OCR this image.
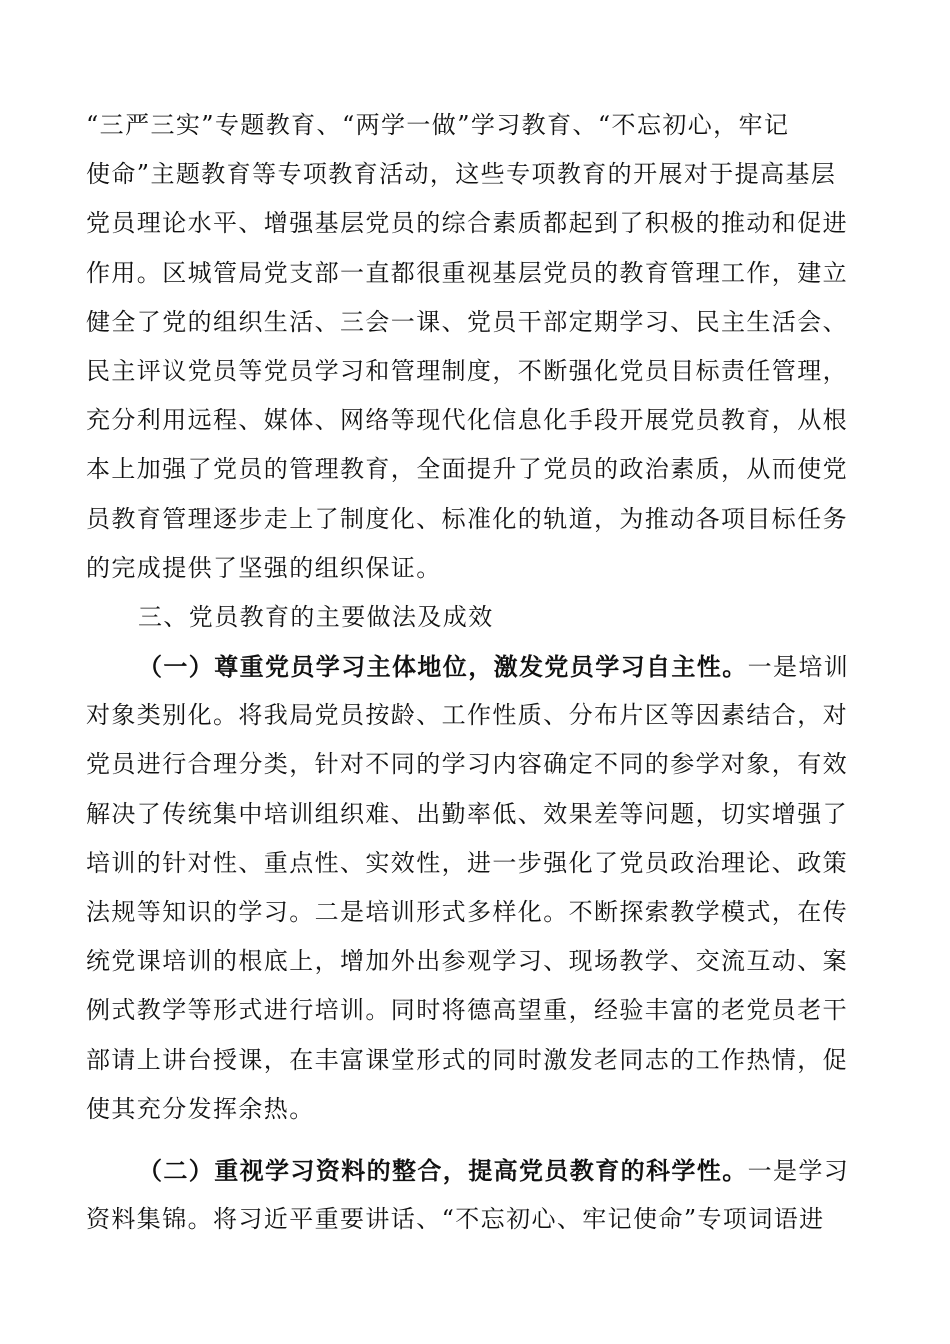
“三严三实”专题教育、“两学一做”学习教育、“不忘初心，牢记
使命”主题教育等专项教育活动，这些专项教育的开展对于提高基层
党员理论水平、增强基层党员的综合素质都起到了积极的推动和促进
作用。区城管局党支部一直都很重视基层党员的教育管理工作，建立
健全了党的组织生活、三会一课、党员干部定期学习、民主生活会、
民主评议党员等党员学习和管理制度，不断强化党员目标责任管理，
充分利用远程、媒体、网络等现代化信息化手段开展党员教育，从根
本上加强了党员的管理教育，全面提升了党员的政治素质，从而使党
员教育管理逐步走上了制度化、标准化的轨道，为推动各项目标任务
的完成提供了坚强的组织保证。
三、党员教育的主要做法及成效
（一）尊重党员学习主体地位，激发党员学习自主性。一是培训
对象类别化。将我局党员按龄、工作性质、分布片区等因素结合，对
党员进行合理分类，针对不同的学习内容确定不同的参学对象，有效
解决了传统集中培训组织难、出勤率低、效果差等问题，切实增强了
培训的针对性、重点性、实效性，进一步强化了党员政治理论、政策
法规等知识的学习。二是培训形式多样化。不断探索教学模式，在传
统党课培训的根底上，增加外出参观学习、现场教学、交流互动、案
例式教学等形式进行培训。同时将德高望重，经验丰富的老党员老干
部请上讲台授课，在丰富课堂形式的同时激发老同志的工作热情，促
使其充分发挥余热。
（二）重视学习资料的整合，提高党员教育的科学性。一是学习
资料集锦。将习近平重要讲话、“不忘初心、牢记使命”专项词语进
